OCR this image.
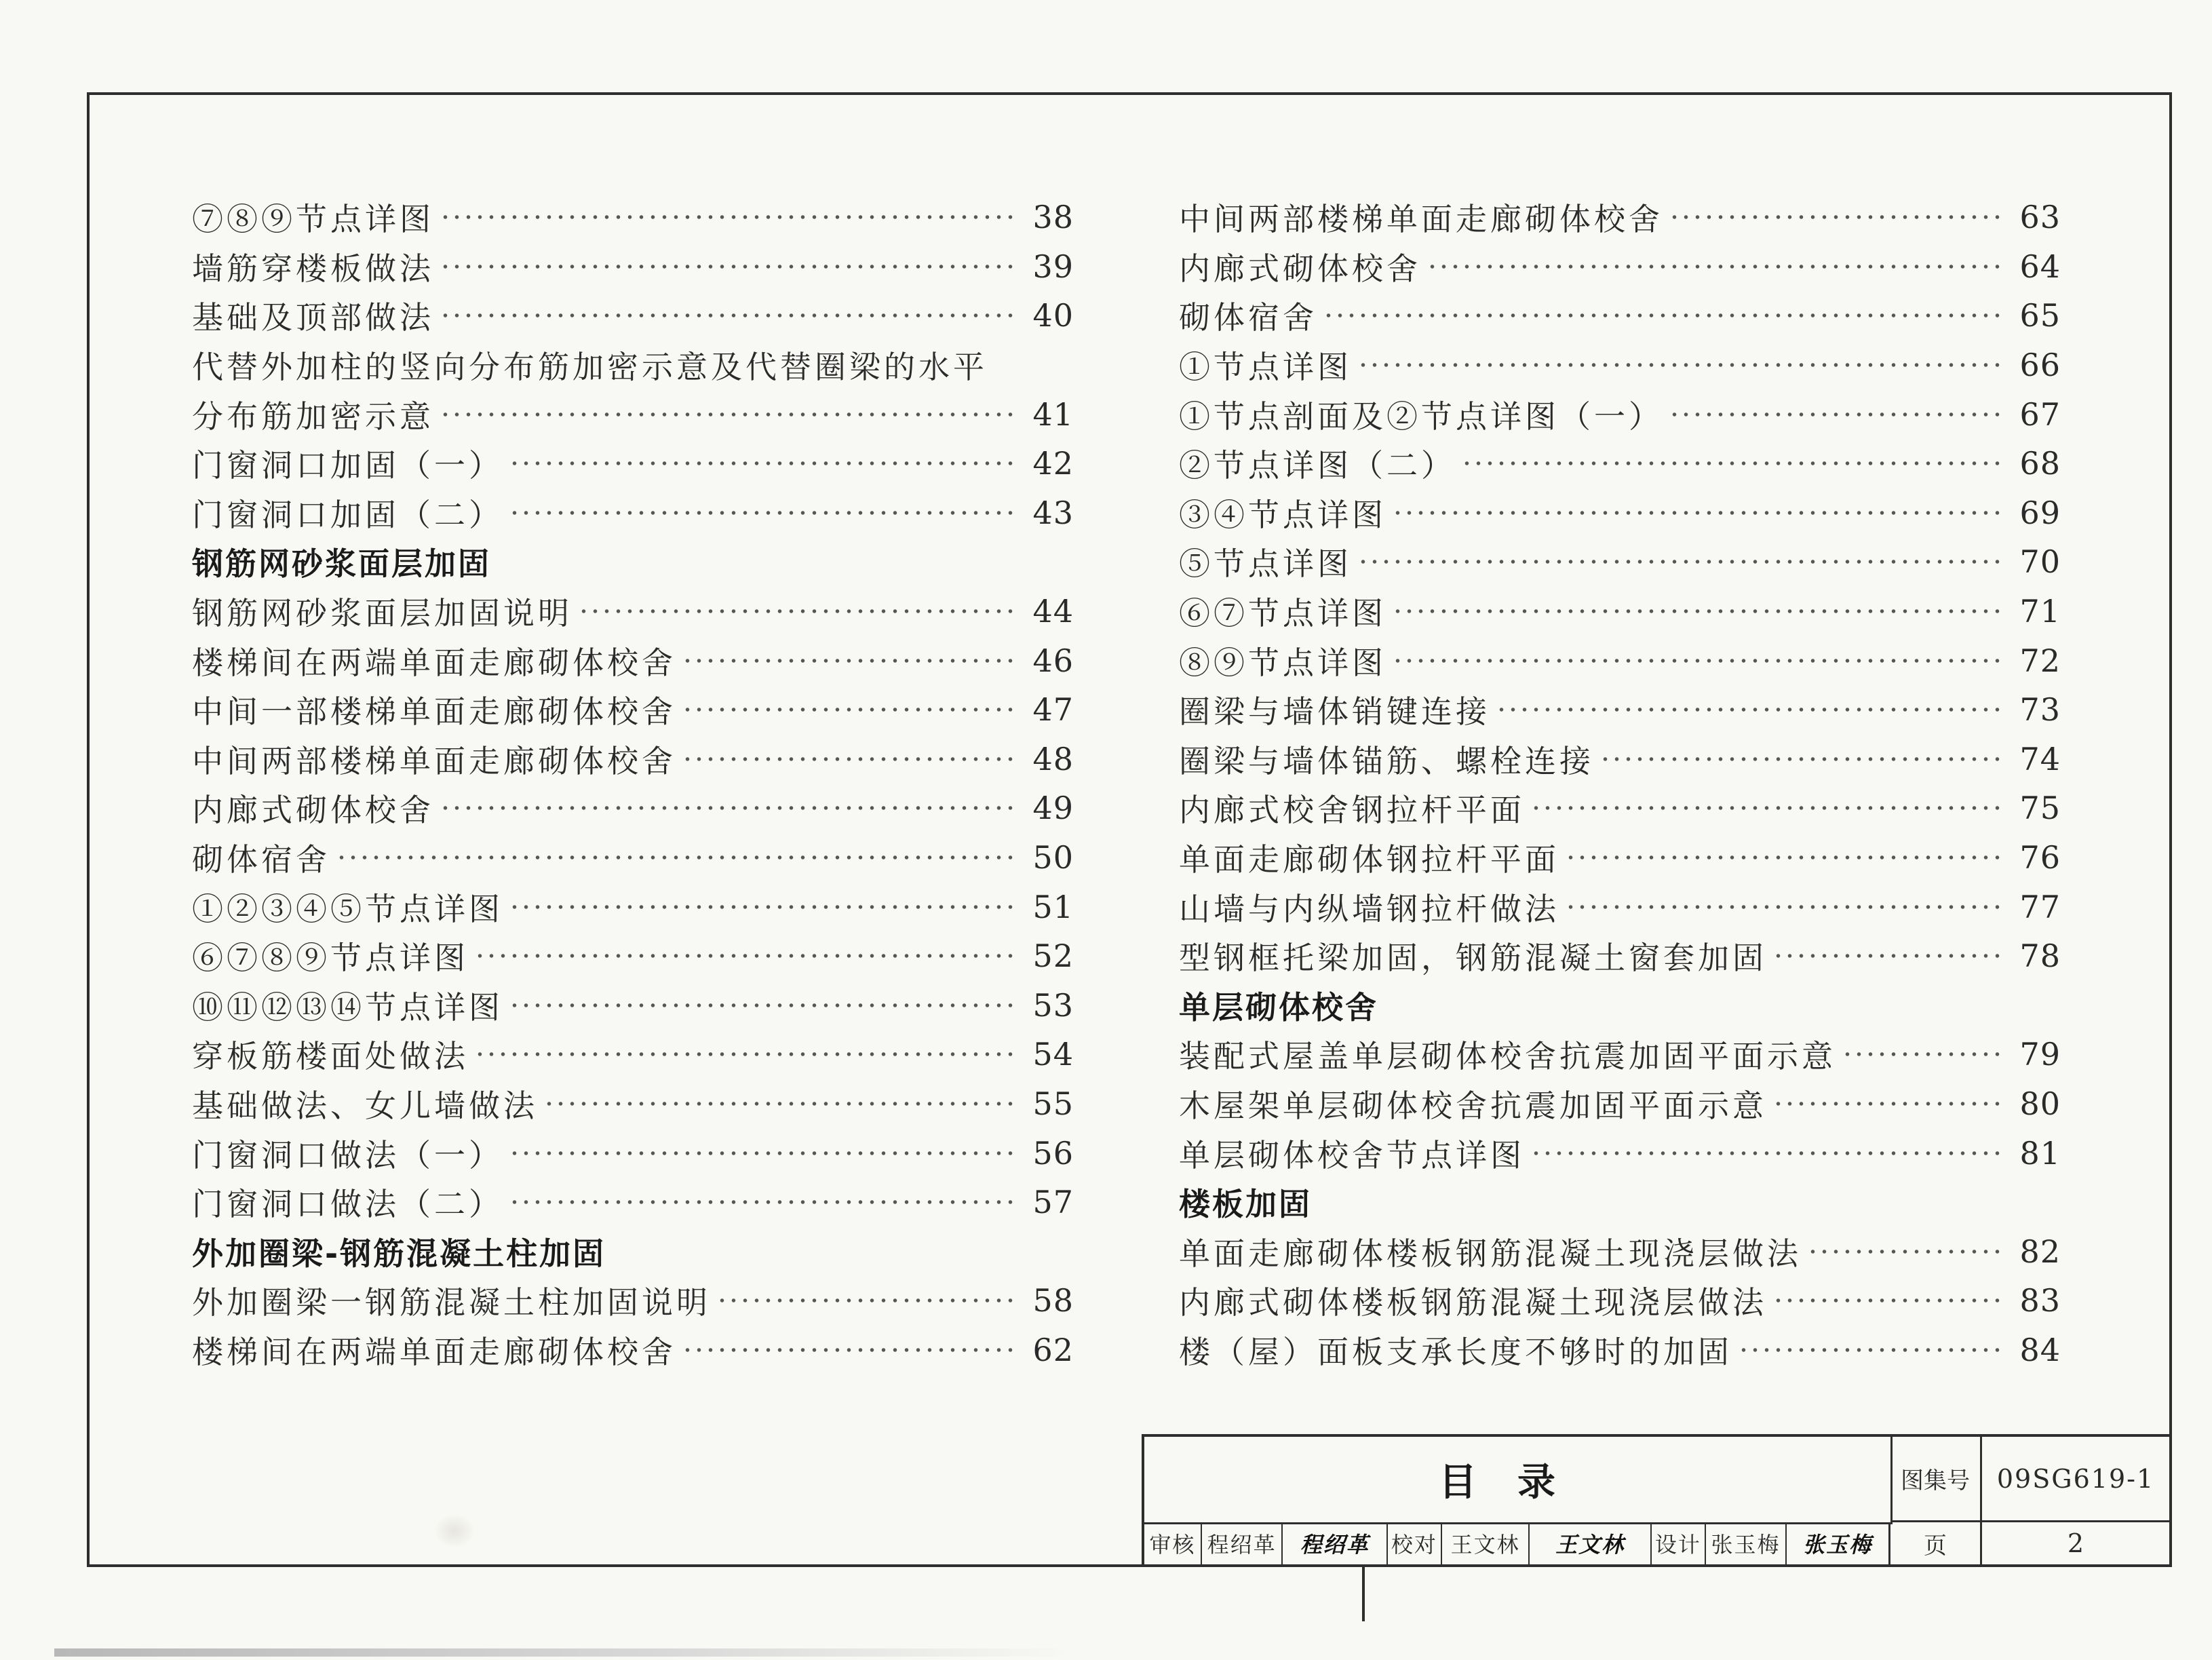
⑦⑧⑨节点详图	38
墙筋穿楼板做法	39
基础及顶部做法	40
代替外加柱的竖向分布筋加密示意及代替圈梁的水平
分布筋加密示意	41
门窗洞口加固（一）	42
门窗洞口加固（二）	43
钢筋网砂浆面层加固
钢筋网砂浆面层加固说明	44
楼梯间在两端单面走廊砌体校舍	46
中间一部楼梯单面走廊砌体校舍	47
中间两部楼梯单面走廊砌体校舍	48
内廊式砌体校舍	49
砌体宿舍	50
①②③④⑤节点详图	51
⑥⑦⑧⑨节点详图	52
⑩⑪⑫⑬⑭节点详图	53
穿板筋楼面处做法	54
基础做法、女儿墙做法	55
门窗洞口做法（一）	56
门窗洞口做法（二）	57
外加圈梁-钢筋混凝土柱加固
外加圈梁一钢筋混凝土柱加固说明	58
楼梯间在两端单面走廊砌体校舍	62
中间两部楼梯单面走廊砌体校舍	63
内廊式砌体校舍	64
砌体宿舍	65
①节点详图	66
①节点剖面及②节点详图（一）	67
②节点详图（二）	68
③④节点详图	69
⑤节点详图	70
⑥⑦节点详图	71
⑧⑨节点详图	72
圈梁与墙体销键连接	73
圈梁与墙体锚筋、螺栓连接	74
内廊式校舍钢拉杆平面	75
单面走廊砌体钢拉杆平面	76
山墙与内纵墙钢拉杆做法	77
型钢框托梁加固，钢筋混凝土窗套加固	78
单层砌体校舍
装配式屋盖单层砌体校舍抗震加固平面示意	79
木屋架单层砌体校舍抗震加固平面示意	80
单层砌体校舍节点详图	81
楼板加固
单面走廊砌体楼板钢筋混凝土现浇层做法	82
内廊式砌体楼板钢筋混凝土现浇层做法	83
楼（屋）面板支承长度不够时的加固	84
目录	图集号	09SG619-1
审核 程绍革	程绍革	校对 王文林	王文林	设计 张玉梅	张玉梅	页	2
